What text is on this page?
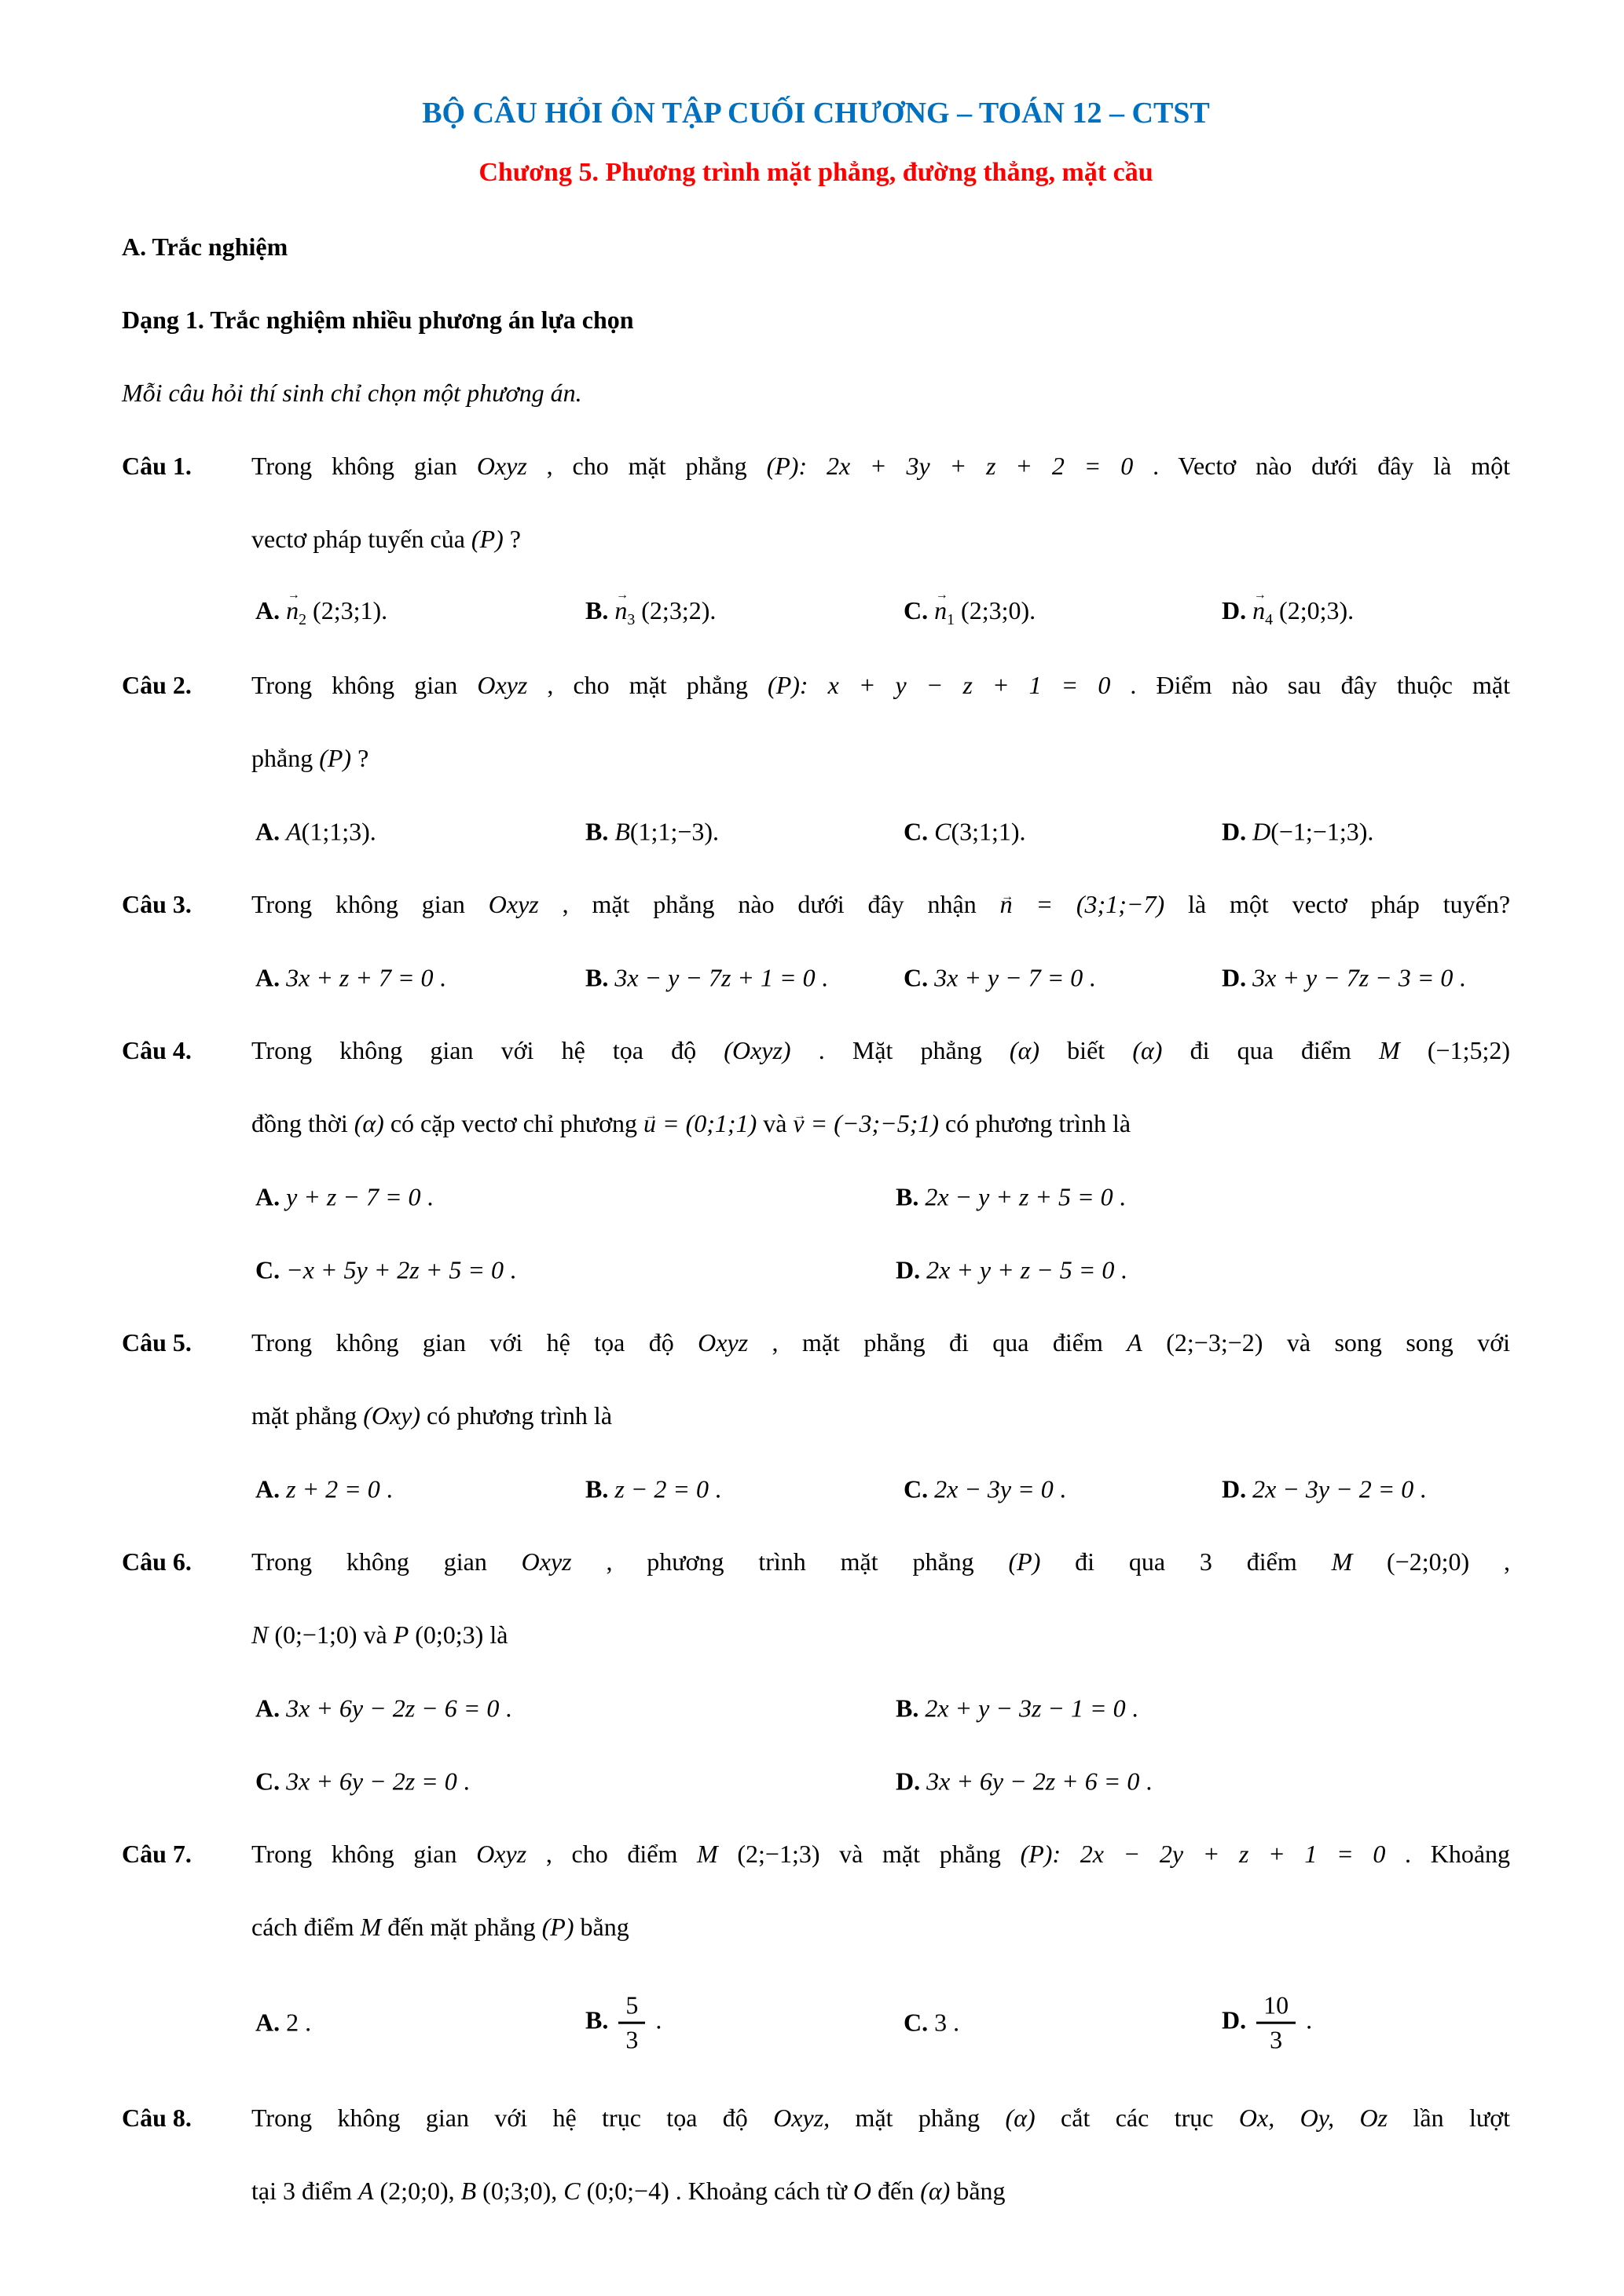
BỘ CÂU HỎI ÔN TẬP CUỐI CHƯƠNG – TOÁN 12 – CTST
Chương 5. Phương trình mặt phẳng, đường thẳng, mặt cầu
A. Trắc nghiệm
Dạng 1. Trắc nghiệm nhiều phương án lựa chọn
Mỗi câu hỏi thí sinh chỉ chọn một phương án.
Câu 1. Trong không gian Oxyz , cho mặt phẳng (P): 2x + 3y + z + 2 = 0 . Vectơ nào dưới đây là một
vectơ pháp tuyến của (P) ?
A. $n \to_2$ (2;3;1).	B. $n \to_3$ (2;3;2).	C. $n \to_1$ (2;3;0).	D. $n \to_4$ (2;0;3).
Câu 2. Trong không gian Oxyz , cho mặt phẳng (P): x + y − z + 1 = 0 . Điểm nào sau đây thuộc mặt
phẳng (P) ?
A. A(1;1;3).	B. B(1;1;−3).	C. C(3;1;1).	D. D(−1;−1;3).
Câu 3. Trong không gian Oxyz , mặt phẳng nào dưới đây nhận n → = (3;1;−7) là một vectơ pháp tuyến?
A. 3x + z + 7 = 0 .	B. 3x − y − 7z + 1 = 0 .	C. 3x + y − 7 = 0 .	D. 3x + y − 7z − 3 = 0 .
Câu 4. Trong không gian với hệ tọa độ (Oxyz) . Mặt phẳng (α) biết (α) đi qua điểm M (−1;5;2)
đồng thời (α) có cặp vectơ chỉ phương u → = (0;1;1) và v → = (−3;−5;1) có phương trình là
A. y + z − 7 = 0 .	B. 2x − y + z + 5 = 0 .
C. −x + 5y + 2z + 5 = 0 .	D. 2x + y + z − 5 = 0 .
Câu 5. Trong không gian với hệ tọa độ Oxyz , mặt phẳng đi qua điểm A (2;−3;−2) và song song với
mặt phẳng (Oxy) có phương trình là
A. z + 2 = 0 .	B. z − 2 = 0 .	C. 2x − 3y = 0 .	D. 2x − 3y − 2 = 0 .
Câu 6. Trong không gian Oxyz , phương trình mặt phẳng (P) đi qua 3 điểm M (−2;0;0) ,
N (0;−1;0) và P (0;0;3) là
A. 3x + 6y − 2z − 6 = 0 .	B. 2x + y − 3z − 1 = 0 .
C. 3x + 6y − 2z = 0 .	D. 3x + 6y − 2z + 6 = 0 .
Câu 7. Trong không gian Oxyz , cho điểm M (2;−1;3) và mặt phẳng (P): 2x − 2y + z + 1 = 0 . Khoảng
cách điểm M đến mặt phẳng (P) bằng
A. 2 .	B. $\frac{5}{3}$ .	C. 3 .	D. $\frac{10}{3}$ .
Câu 8. Trong không gian với hệ trục tọa độ Oxyz, mặt phẳng (α) cắt các trục Ox, Oy, Oz lần lượt
tại 3 điểm A (2;0;0), B (0;3;0), C (0;0;−4) . Khoảng cách từ O đến (α) bằng
